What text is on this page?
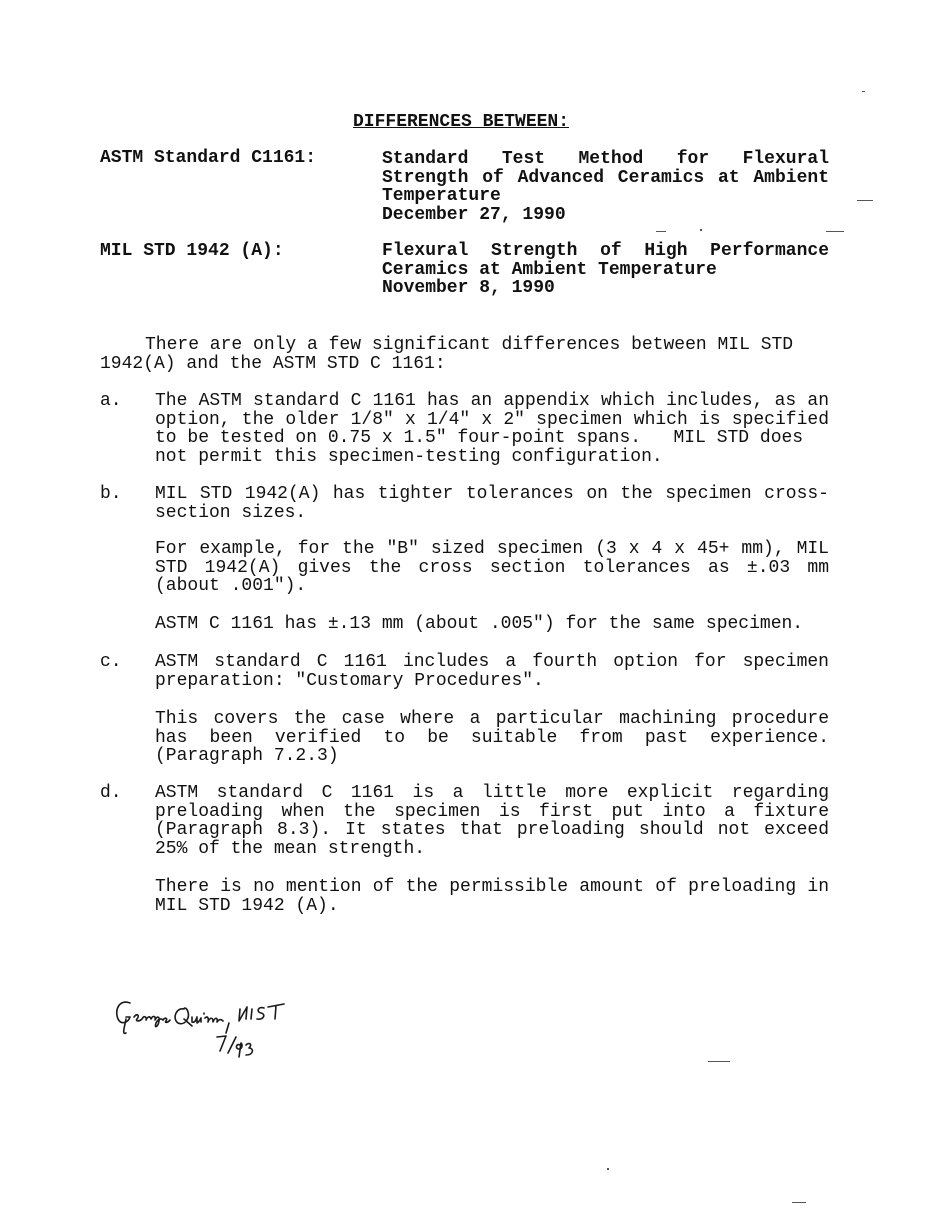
DIFFERENCES BETWEEN:
ASTM Standard C1161:	Standard Test Method for Flexural
Strength of Advanced Ceramics at Ambient
Temperature
December 27, 1990
MIL STD 1942 (A):	Flexural Strength of High Performance
Ceramics at Ambient Temperature
November 8, 1990
There are only a few significant differences between MIL STD
1942(A) and the ASTM STD C 1161:
a. The ASTM standard C 1161 has an appendix which includes, as an
option, the older 1/8" x 1/4" x 2" specimen which is specified
to be tested on 0.75 x 1.5" four-point spans.   MIL STD does
not permit this specimen-testing configuration.
b. MIL STD 1942(A) has tighter tolerances on the specimen cross-
section sizes.
For example, for the "B" sized specimen (3 x 4 x 45+ mm), MIL
STD 1942(A) gives the cross section tolerances as ±.03 mm
(about .001").
ASTM C 1161 has ±.13 mm (about .005") for the same specimen.
c. ASTM standard C 1161 includes a fourth option for specimen
preparation: "Customary Procedures".
This covers the case where a particular machining procedure
has been verified to be suitable from past experience.
(Paragraph 7.2.3)
d. ASTM standard C 1161 is a little more explicit regarding
preloading when the specimen is first put into a fixture
(Paragraph 8.3). It states that preloading should not exceed
25% of the mean strength.
There is no mention of the permissible amount of preloading in
MIL STD 1942 (A).
